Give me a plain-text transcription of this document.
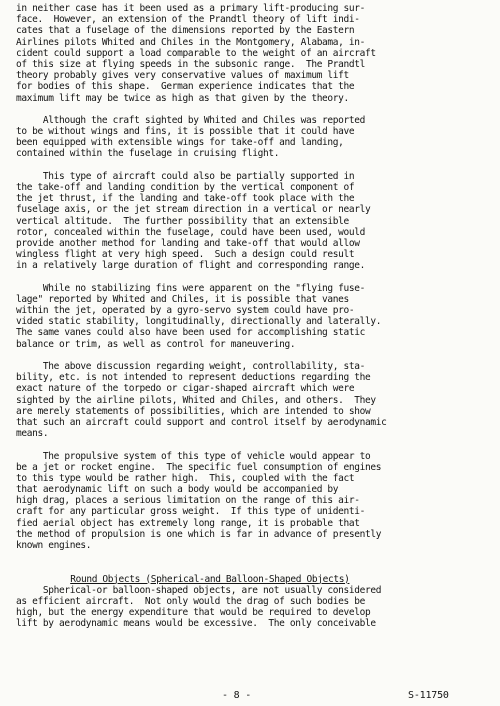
in neither case has it been used as a primary lift-producing sur-
face.  However, an extension of the Prandtl theory of lift indi-
cates that a fuselage of the dimensions reported by the Eastern
Airlines pilots Whited and Chiles in the Montgomery, Alabama, in-
cident could support a load comparable to the weight of an aircraft
of this size at flying speeds in the subsonic range.  The Prandtl
theory probably gives very conservative values of maximum lift
for bodies of this shape.  German experience indicates that the
maximum lift may be twice as high as that given by the theory.
Although the craft sighted by Whited and Chiles was reported
to be without wings and fins, it is possible that it could have
been equipped with extensible wings for take-off and landing,
contained within the fuselage in cruising flight.
This type of aircraft could also be partially supported in
the take-off and landing condition by the vertical component of
the jet thrust, if the landing and take-off took place with the
fuselage axis, or the jet stream direction in a vertical or nearly
vertical altitude.  The further possibility that an extensible
rotor, concealed within the fuselage, could have been used, would
provide another method for landing and take-off that would allow
wingless flight at very high speed.  Such a design could result
in a relatively large duration of flight and corresponding range.
While no stabilizing fins were apparent on the "flying fuse-
lage" reported by Whited and Chiles, it is possible that vanes
within the jet, operated by a gyro-servo system could have pro-
vided static stability, longitudinally, directionally and laterally.
The same vanes could also have been used for accomplishing static
balance or trim, as well as control for maneuvering.
The above discussion regarding weight, controllability, sta-
bility, etc. is not intended to represent deductions regarding the
exact nature of the torpedo or cigar-shaped aircraft which were
sighted by the airline pilots, Whited and Chiles, and others.  They
are merely statements of possibilities, which are intended to show
that such an aircraft could support and control itself by aerodynamic
means.
The propulsive system of this type of vehicle would appear to
be a jet or rocket engine.  The specific fuel consumption of engines
to this type would be rather high.  This, coupled with the fact
that aerodynamic lift on such a body would be accompanied by
high drag, places a serious limitation on the range of this air-
craft for any particular gross weight.  If this type of unidenti-
fied aerial object has extremely long range, it is probable that
the method of propulsion is one which is far in advance of presently
known engines.

Round Objects (Spherical-and Balloon-Shaped Objects)

Spherical-or balloon-shaped objects, are not usually considered
as efficient aircraft.  Not only would the drag of such bodies be
high, but the energy expenditure that would be required to develop
lift by aerodynamic means would be excessive.  The only conceivable
- 8 -	S-11750
